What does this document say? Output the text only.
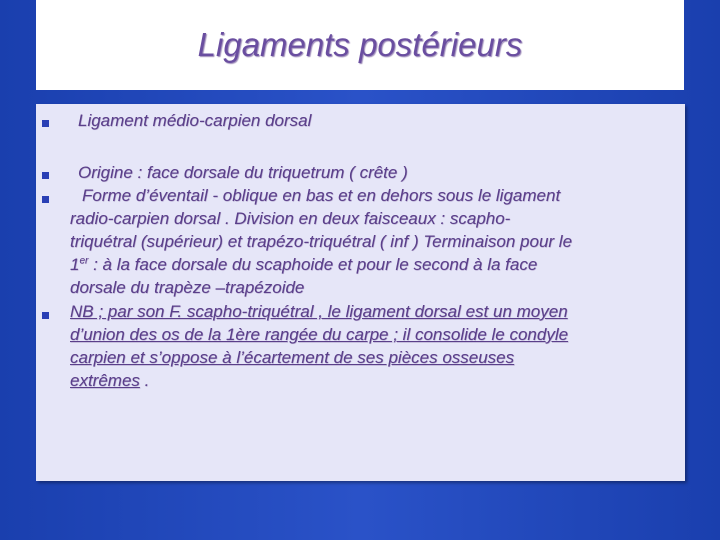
Ligaments postérieurs
Ligament médio-carpien dorsal
Origine : face dorsale du triquetrum ( crête )
Forme d’éventail - oblique en bas et en dehors sous le ligament
radio-carpien dorsal . Division en deux faisceaux : scapho-
triquétral (supérieur) et trapézo-triquétral ( inf ) Terminaison pour le
1er : à la face dorsale du scaphoide et pour le second à la face
dorsale du trapèze –trapézoide
NB ; par son F. scapho-triquétral , le ligament dorsal est un moyen
d’union des os de la 1ère rangée du carpe ; il consolide le condyle
carpien et s’oppose à l’écartement de ses pièces osseuses
extrêmes .
